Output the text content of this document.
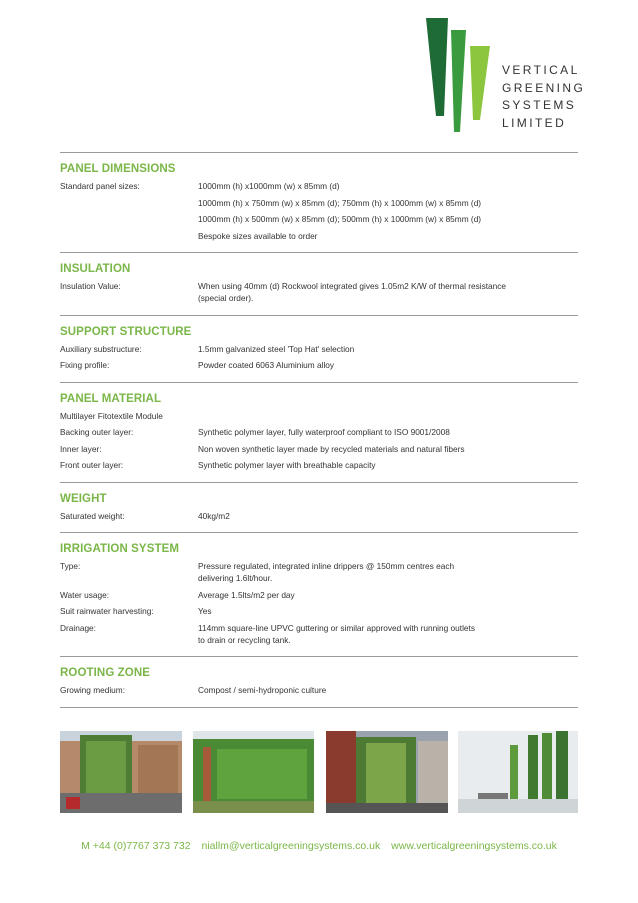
VERTICAL
GREENING
SYSTEMS
LIMITED
PANEL DIMENSIONS
Standard panel sizes:	1000mm (h) x1000mm (w) x 85mm (d)
1000mm (h) x 750mm (w) x 85mm (d); 750mm (h) x 1000mm (w) x 85mm (d)
1000mm (h) x 500mm (w) x 85mm (d); 500mm (h) x 1000mm (w) x 85mm (d)
Bespoke sizes available to order
INSULATION
Insulation Value:	When using 40mm (d) Rockwool integrated gives 1.05m2 K/W of thermal resistance
(special order).
SUPPORT STRUCTURE
Auxiliary substructure:	1.5mm galvanized steel 'Top Hat' selection
Fixing profile:	Powder coated 6063 Aluminium alloy
PANEL MATERIAL
Multilayer Fitotextile Module

Backing outer layer:	Synthetic polymer layer, fully waterproof compliant to ISO 9001/2008
Inner layer:	Non woven synthetic layer made by recycled materials and natural fibers
Front outer layer:	Synthetic polymer layer with breathable capacity
WEIGHT
Saturated weight:	40kg/m2
IRRIGATION SYSTEM
Type:	Pressure regulated, integrated inline drippers @ 150mm centres each
delivering 1.6lt/hour.
Water usage:	Average 1.5lts/m2 per day
Suit rainwater harvesting:	Yes
Drainage:	114mm square-line UPVC guttering or similar approved with running outlets
to drain or recycling tank.
ROOTING ZONE
Growing medium:	Compost / semi-hydroponic culture
M +44 (0)7767 373 732 niallm@verticalgreeningsystems.co.uk www.verticalgreeningsystems.co.uk
